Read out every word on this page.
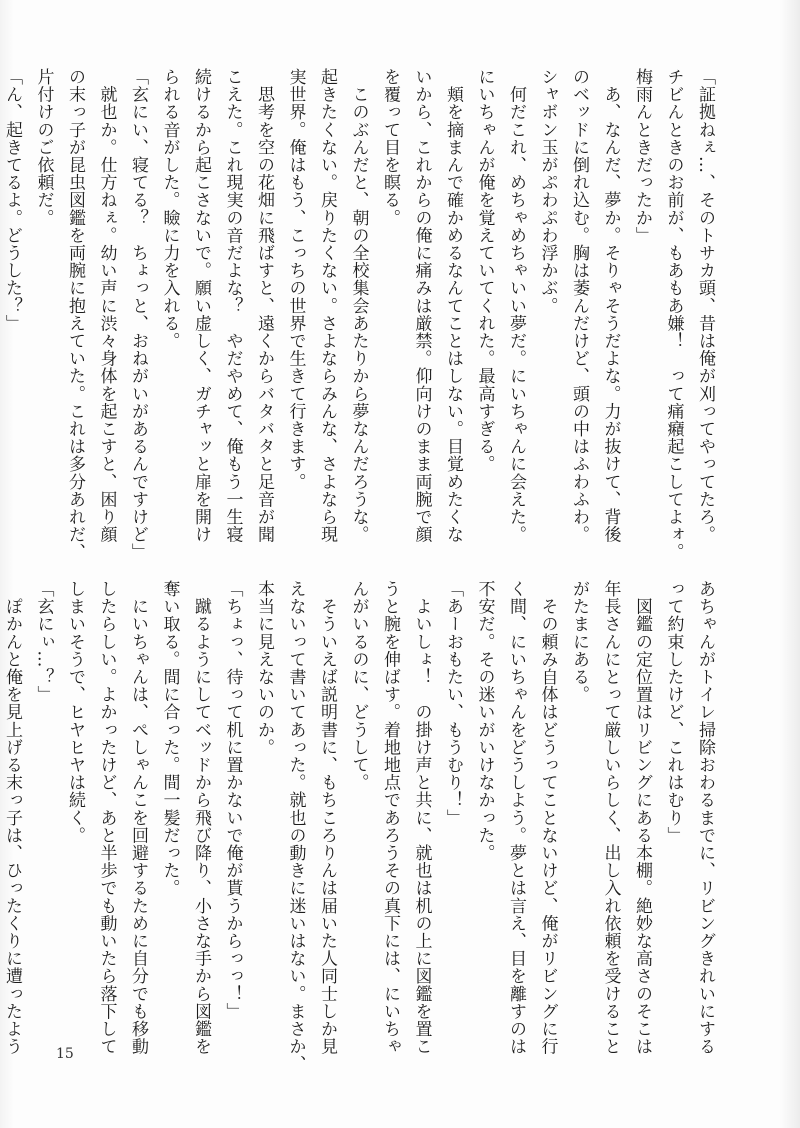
「証拠ねぇ…、そのトサカ頭、昔は俺が刈ってやってたろ。
チビんときのお前が、もあもあ嫌！　って痛癪起こしてよォ。
梅雨んときだったか」
　あ、なんだ、夢か。そりゃそうだよな。力が抜けて、背後
のベッドに倒れ込む。胸は萎んだけど、頭の中はふわふわ。
シャボン玉がぷわぷわ浮かぶ。
　何だこれ、めちゃめちゃいい夢だ。にいちゃんに会えた。
にいちゃんが俺を覚えていてくれた。最高すぎる。
　頬を摘まんで確かめるなんてことはしない。目覚めたくな
いから、これからの俺に痛みは厳禁。仰向けのまま両腕で顔
を覆って目を瞑る。
　このぶんだと、朝の全校集会あたりから夢なんだろうな。
起きたくない。戻りたくない。さよならみんな、さよなら現
実世界。俺はもう、こっちの世界で生きて行きます。
　思考を空の花畑に飛ばすと、遠くからバタバタと足音が聞
こえた。これ現実の音だよな？　やだやめて、俺もう一生寝
続けるから起こさないで。願い虚しく、ガチャッと扉を開け
られる音がした。瞼に力を入れる。
「玄にい、寝てる？　ちょっと、おねがいがあるんですけど」
　就也か。仕方ねぇ。幼い声に渋々身体を起こすと、困り顔
の末っ子が昆虫図鑑を両腕に抱えていた。これは多分あれだ、
片付けのご依頼だ。
「ん、起きてるよ。どうした？」
あちゃんがトイレ掃除おわるまでに、リビングきれいにする
って約束したけど、これはむり」
　図鑑の定位置はリビングにある本棚。絶妙な高さのそこは
年長さんにとって厳しいらしく、出し入れ依頼を受けること
がたまにある。
　その頼み自体はどうってことないけど、俺がリビングに行
く間、にいちゃんをどうしよう。夢とは言え、目を離すのは
不安だ。その迷いがいけなかった。
「あーおもたい、もうむり！」
　よいしょ！　の掛け声と共に、就也は机の上に図鑑を置こ
うと腕を伸ばす。着地地点であろうその真下には、にいちゃ
んがいるのに、どうして。
　そういえば説明書に、もちころりんは届いた人同士しか見
えないって書いてあった。就也の動きに迷いはない。まさか、
本当に見えないのか。
「ちょっ、待って机に置かないで俺が貰うからっっ！」
　蹴るようにしてベッドから飛び降り、小さな手から図鑑を
奪い取る。間に合った。間一髪だった。
　にいちゃんは、ぺしゃんこを回避するために自分でも移動
したらしい。よかったけど、あと半歩でも動いたら落下して
しまいそうで、ヒヤヒヤは続く。
「玄にぃ…？」
　ぽかんと俺を見上げる末っ子は、ひったくりに遭ったよう	15
